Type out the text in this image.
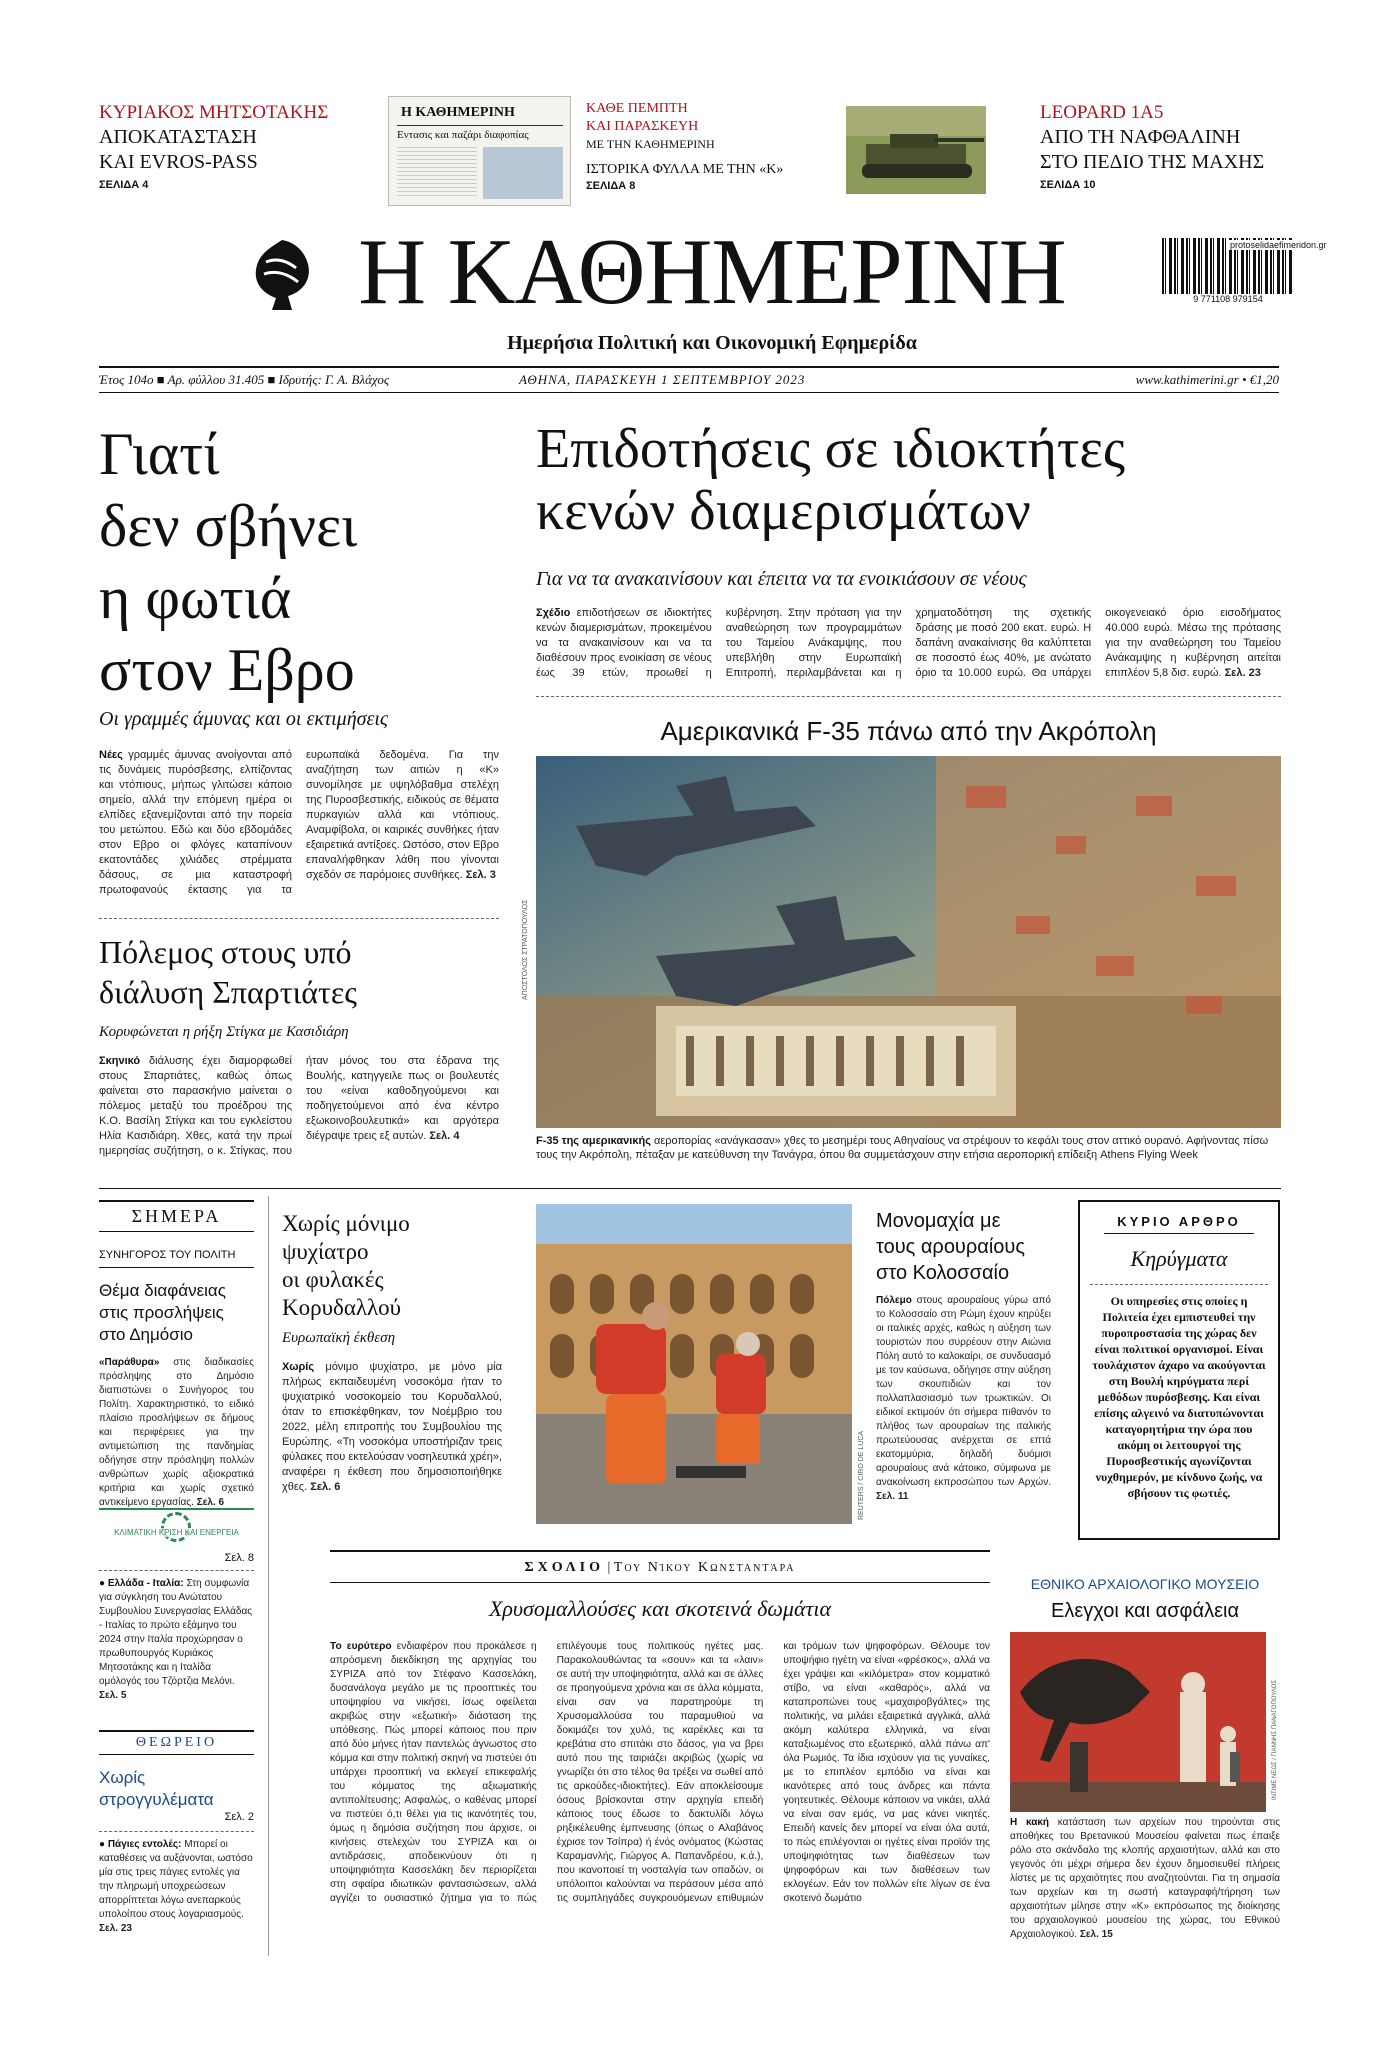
ΚΥΡΙΑΚΟΣ ΜΗΤΣΟΤΑΚΗΣ
ΑΠΟΚΑΤΑΣΤΑΣΗ
ΚΑΙ EVROS-PASS
ΣΕΛΙΔΑ 4
Η ΚΑΘΗΜΕΡΙΝΗ
Εντασις και παζάρι διαφοπίας
ΚΑΘΕ ΠΕΜΠΤΗ
ΚΑΙ ΠΑΡΑΣΚΕΥΗ
ΜΕ ΤΗΝ ΚΑΘΗΜΕΡΙΝΗ
ΙΣΤΟΡΙΚΑ ΦΥΛΛΑ ΜΕ ΤΗΝ «Κ»
ΣΕΛΙΔΑ 8
LEOPARD 1A5
ΑΠΟ ΤΗ ΝΑΦΘΑΛΙΝΗ
ΣΤΟ ΠΕΔΙΟ ΤΗΣ ΜΑΧΗΣ
ΣΕΛΙΔΑ 10
Η ΚΑΘΗΜΕΡΙΝΗ
Ημερήσια Πολιτική και Οικονομική Εφημερίδα
9 771108 979154
protoselidaefimeridon.gr
Έτος 104ο ■ Αρ. φύλλου 31.405 ■ Ιδρυτής: Γ. Α. Βλάχος	ΑΘΗΝΑ, ΠΑΡΑΣΚΕΥΗ 1 ΣΕΠΤΕΜΒΡΙΟΥ 2023	www.kathimerini.gr • €1,20
Γιατί
δεν σβήνει
η φωτιά
στον Εβρο
Οι γραμμές άμυνας και οι εκτιμήσεις
Νέες γραμμές άμυνας ανοίγονται από τις δυνάμεις πυρόσβεσης, ελπίζοντας και ντόπιους, μήπως γλιτώσει κάποιο σημείο, αλλά την επόμενη ημέρα οι ελπίδες εξανεμίζονται από την πορεία του μετώπου. Εδώ και δύο εβδομάδες στον Εβρο οι φλόγες καταπίνουν εκατοντάδες χιλιάδες στρέμματα δάσους, σε μια καταστροφή πρωτοφανούς έκτασης για τα ευρωπαϊκά δεδομένα. Για την αναζήτηση των αιτιών η «Κ» συνομίλησε με υψηλόβαθμα στελέχη της Πυροσβεστικής, ειδικούς σε θέματα πυρκαγιών αλλά και ντόπιους. Αναμφίβολα, οι καιρικές συνθήκες ήταν εξαιρετικά αντίξοες. Ωστόσο, στον Εβρο επαναλήφθηκαν λάθη που γίνονται σχεδόν σε παρόμοιες συνθήκες. Σελ. 3
Πόλεμος στους υπό
διάλυση Σπαρτιάτες
Κορυφώνεται η ρήξη Στίγκα με Κασιδιάρη
Σκηνικό διάλυσης έχει διαμορφωθεί στους Σπαρτιάτες, καθώς όπως φαίνεται στο παρασκήνιο μαίνεται ο πόλεμος μεταξύ του προέδρου της Κ.Ο. Βασίλη Στίγκα και του εγκλείστου Ηλία Κασιδιάρη. Χθες, κατά την πρωί ημερησίας συζήτηση, ο κ. Στίγκας, που ήταν μόνος του στα έδρανα της Βουλής, κατηγγειλε πως οι βουλευτές του «είναι καθοδηγούμενοι και ποδηγετούμενοι από ένα κέντρο εξωκοινοβουλευτικά» και αργότερα διέγραψε τρεις εξ αυτών. Σελ. 4
Επιδοτήσεις σε ιδιοκτήτες
κενών διαμερισμάτων
Για να τα ανακαινίσουν και έπειτα να τα ενοικιάσουν σε νέους
Σχέδιο επιδοτήσεων σε ιδιοκτήτες κενών διαμερισμάτων, προκειμένου να τα ανακαινίσουν και να τα διαθέσουν προς ενοικίαση σε νέους έως 39 ετών, προωθεί η κυβέρνηση. Στην πρόταση για την αναθεώρηση των προγραμμάτων του Ταμείου Ανάκαμψης, που υπεβλήθη στην Ευρωπαϊκή Επιτροπή, περιλαμβάνεται και η χρηματοδότηση της σχετικής δράσης με ποσό 200 εκατ. ευρώ. Η δαπάνη ανακαίνισης θα καλύπτεται σε ποσοστό έως 40%, με ανώτατο όριο τα 10.000 ευρώ. Θα υπάρχει οικογενειακό όριο εισοδήματος 40.000 ευρώ. Μέσω της πρότασης για την αναθεώρηση του Ταμείου Ανάκαμψης η κυβέρνηση αιτείται επιπλέον 5,8 δισ. ευρώ. Σελ. 23
Αμερικανικά F-35 πάνω από την Ακρόπολη
ΑΠΟΣΤΟΛΟΣ ΣΤΡΑΤΟΠΟΥΛΟΣ
F-35 της αμερικανικής αεροπορίας «ανάγκασαν» χθες το μεσημέρι τους Αθηναίους να στρέψουν το κεφάλι τους στον αττικό ουρανό. Αφήνοντας πίσω τους την Ακρόπολη, πέταξαν με κατεύθυνση την Τανάγρα, όπου θα συμμετάσχουν στην ετήσια αεροπορική επίδειξη Athens Flying Week
ΣΗΜΕΡΑ
ΣΥΝΗΓΟΡΟΣ ΤΟΥ ΠΟΛΙΤΗ
Θέμα διαφάνειας στις προσλήψεις στο Δημόσιο
«Παράθυρα» στις διαδικασίες πρόσληψης στο Δημόσιο διαπιστώνει ο Συνήγορος του Πολίτη. Χαρακτηριστικό, το ειδικό πλαίσιο προσλήψεων σε δήμους και περιφέρειες για την αντιμετώπιση της πανδημίας οδήγησε στην πρόσληψη πολλών ανθρώπων χωρίς αξιοκρατικά κριτήρια και χωρίς σχετικό αντικείμενο εργασίας. Σελ. 6
ΚΛΙΜΑΤΙΚΗ ΚΡΙΣΗ ΚΑΙ ΕΝΕΡΓΕΙΑ
Σελ. 8
● Ελλάδα - Ιταλία: Στη συμφωνία για σύγκληση του Ανώτατου Συμβουλίου Συνεργασίας Ελλάδας - Ιταλίας το πρώτο εξάμηνο του 2024 στην Ιταλία προχώρησαν ο πρωθυπουργός Κυριάκος Μητσοτάκης και η Ιταλίδα ομόλογός του Τζόρτζια Μελόνι. Σελ. 5
ΘΕΩΡΕΙΟ
Χωρίς στρογγυλέματα
Σελ. 2
● Πάγιες εντολές: Μπορεί οι καταθέσεις να αυξάνονται, ωστόσο μία στις τρεις πάγιες εντολές για την πληρωμή υποχρεώσεων απορρίπτεται λόγω ανεπαρκούς υπολοίπου στους λογαριασμούς. Σελ. 23
Χωρίς μόνιμο
ψυχίατρο
οι φυλακές
Κορυδαλλού
Ευρωπαϊκή έκθεση
Χωρίς μόνιμο ψυχίατρο, με μόνο μία πλήρως εκπαιδευμένη νοσοκόμα ήταν το ψυχιατρικό νοσοκομείο του Κορυδαλλού, όταν το επισκέφθηκαν, τον Νοέμβριο του 2022, μέλη επιτροπής του Συμβουλίου της Ευρώπης. «Τη νοσοκόμα υποστήριζαν τρεις φύλακες που εκτελούσαν νοσηλευτικά χρέη», αναφέρει η έκθεση που δημοσιοποιήθηκε χθες. Σελ. 6	REUTERS / CIRO DE LUCA
Μονομαχία με
τους αρουραίους
στο Κολοσσαίο
Πόλεμο στους αρουραίους γύρω από το Κολοσσαίο στη Ρώμη έχουν κηρύξει οι ιταλικές αρχές, καθώς η αύξηση των τουριστών που συρρέουν στην Αιώνια Πόλη αυτό το καλοκαίρι, σε συνδυασμό με τον καύσωνα, οδήγησε στην αύξηση των σκουπιδιών και τον πολλαπλασιασμό των τρωκτικών. Οι ειδικοί εκτιμούν ότι σήμερα πιθανόν το πλήθος των αρουραίων της ιταλικής πρωτεύουσας ανέρχεται σε επτά εκατομμύρια, δηλαδή δυόμισι αρουραίους ανά κάτοικο, σύμφωνα με ανακοίνωση εκπροσώπου των Αρχών. Σελ. 11
ΚΥΡΙΟ ΑΡΘΡΟ
Κηρύγματα
Οι υπηρεσίες στις οποίες η Πολιτεία έχει εμπιστευθεί την πυροπροστασία της χώρας δεν είναι πολιτικοί οργανισμοί. Είναι τουλάχιστον άχαρο να ακούγονται στη Βουλή κηρύγματα περί μεθόδων πυρόσβεσης. Και είναι επίσης αλγεινό να διατυπώνονται καταγορητήρια την ώρα που ακόμη οι λειτουργοί της Πυροσβεστικής αγωνίζονται νυχθημερόν, με κίνδυνο ζωής, να σβήσουν τις φωτιές.
ΣΧΟΛΙΟ | Του Νίκου Κωνσταντάρα
Χρυσομαλλούσες και σκοτεινά δωμάτια
Το ευρύτερο ενδιαφέρον που προκάλεσε η απρόσμενη διεκδίκηση της αρχηγίας του ΣΥΡΙΖΑ από τον Στέφανο Κασσελάκη, δυσανάλογα μεγάλο με τις προοπτικές του υποψηφίου να νικήσει, ίσως οφείλεται ακριβώς στην «εξωτική» διάσταση της υπόθεσης. Πώς μπορεί κάποιος που πριν από δύο μήνες ήταν παντελώς άγνωστος στο κόμμα και στην πολιτική σκηνή να πιστεύει ότι υπάρχει προοπτική να εκλεγεί επικεφαλής του κόμματος της αξιωματικής αντιπολίτευσης; Ασφαλώς, ο καθένας μπορεί να πιστεύει ό,τι θέλει για τις ικανότητές του, όμως η δημόσια συζήτηση που άρχισε, οι κινήσεις στελεχών του ΣΥΡΙΖΑ και οι αντιδράσεις, αποδεικνύουν ότι η υποψηφιότητα Κασσελάκη δεν περιορίζεται στη σφαίρα ιδιωτικών φαντασιώσεων, αλλά αγγίζει το ουσιαστικό ζήτημα για το πώς επιλέγουμε τους πολιτικούς ηγέτες μας. Παρακολουθώντας τα «σουν» και τα «λαιν» σε αυτή την υποψηφιότητα, αλλά και σε άλλες σε προηγούμενα χρόνια και σε άλλα κόμματα, είναι σαν να παρατηρούμε τη Χρυσομαλλούσα του παραμυθιού να δοκιμάζει τον χυλό, τις καρέκλες και τα κρεβάτια στο σπιτάκι στο δάσος, για να βρει αυτό που της ταιριάζει ακριβώς (χωρίς να γνωρίζει ότι στο τέλος θα τρέξει να σωθεί από τις αρκούδες-ιδιοκτήτες). Εάν αποκλείσουμε όσους βρίσκονται στην αρχηγία επειδή κάποιος τους έδωσε το δακτυλίδι λόγω ρηξικέλευθης έμπνευσης (όπως ο Αλαβάνος έχρισε τον Τσίπρα) ή ένός ονόματος (Κώστας Καραμανλής, Γιώργος Α. Παπανδρέου, κ.ά.), που ικανοποιεί τη νοσταλγία των οπαδών, οι υπόλοιποι καλούνται να περάσουν μέσα από τις συμπληγάδες συγκρουόμενων επιθυμιών και τρόμων των ψηφοφόρων. Θέλουμε τον υποψήφιο ηγέτη να είναι «φρέσκος», αλλά να έχει γράψει και «κιλόμετρα» στον κομματικό στίβο, να είναι «καθαρός», αλλά να καταπροπώνει τους «μαχαιροβγάλτες» της πολιτικής, να μιλάει εξαιρετικά αγγλικά, αλλά ακόμη καλύτερα ελληνικά, να είναι καταξιωμένος στο εξωτερικό, αλλά πάνω απ' όλα Ρωμιός. Τα ίδια ισχύουν για τις γυναίκες, με το επιπλέον εμπόδιο να είναι και ικανότερες από τους άνδρες και πάντα γοητευτικές. Θέλουμε κάποιον να νικάει, αλλά να είναι σαν εμάς, να μας κάνει νικητές. Επειδή κανείς δεν μπορεί να είναι όλα αυτά, το πώς επιλέγονται οι ηγέτες είναι προϊόν της υποψηφιότητας των διαθέσεων των ψηφοφόρων και των διαθέσεων των εκλογέων. Εάν τον πολλών είτε λίγων σε ένα σκοτεινό δωμάτιο
ΕΘΝΙΚΟ ΑΡΧΑΙΟΛΟΓΙΚΟ ΜΟΥΣΕΙΟ
Ελεγχοι και ασφάλεια
ΙΝΤΙΜΕ ΝΕΩΣ / ΓΙΑΝΝΗΣ ΠΑΝΑΓΟΠΟΥΛΟΣ
Η κακή κατάσταση των αρχείων που τηρούνται στις αποθήκες του Βρετανικού Μουσείου φαίνεται πως έπαιξε ρόλο στο σκάνδαλο της κλοπής αρχαιοτήτων, αλλά και στο γεγονός ότι μέχρι σήμερα δεν έχουν δημοσιευθεί πλήρεις λίστες με τις αρχαιότητες που αναζητούνται. Για τη σημασία των αρχείων και τη σωστή καταγραφή/τήρηση των αρχαιοτήτων μίλησε στην «Κ» εκπρόσωπος της διοίκησης του αρχαιολογικού μουσείου της χώρας, του Εθνικού Αρχαιολογικού. Σελ. 15
